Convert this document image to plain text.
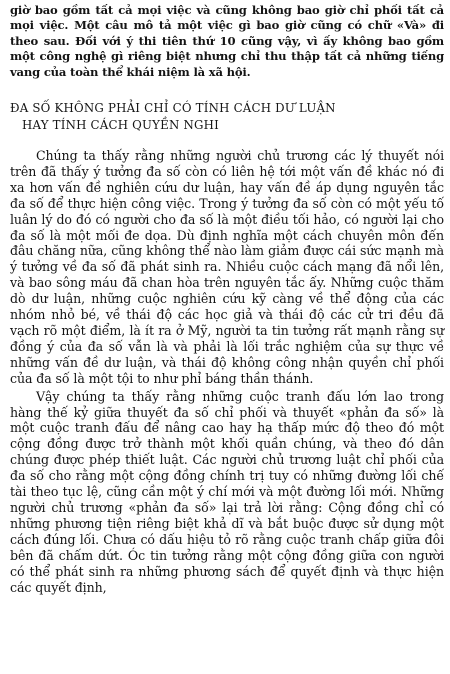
giờ bao gồm tất cả mọi việc và cũng không bao giờ chỉ phối tất cả mọi việc. Một câu mô tả một việc gì bao giờ cũng có chữ «Và» đi theo sau. Đối với ý thi tiên thứ 10 cũng vậy, vì ấy không bao gồm một công nghệ gì riêng biệt nhưng chỉ thu thập tất cả những tiếng vang của toàn thể khái niệm là xã hội.

ĐA SỐ KHÔNG PHẢI CHỈ CÓ TÍNH CÁCH DƯ LUẬN
HAY TÍNH CÁCH QUYỀN NGHI

Chúng ta thấy rằng những người chủ trương các lý thuyết nói trên đã thấy ý tưởng đa số còn có liên hệ tới một vấn đề khác nó đi xa hơn vấn đề nghiên cứu dư luận, hay vấn đề áp dụng nguyên tắc đa số để thực hiện công việc. Trong ý tưởng đa số còn có một yếu tố luân lý do đó có người cho đa số là một điều tối hảo, có người lại cho đa số là một mối đe dọa. Dù định nghĩa một cách chuyên môn đến đâu chăng nữa, cũng không thể nào làm giảm được cái sức mạnh mà ý tưởng về đa số đã phát sinh ra. Nhiều cuộc cách mạng đã nổi lên, và bao sông máu đã chan hòa trên nguyên tắc ấy. Những cuộc thăm dò dư luận, những cuộc nghiên cứu kỹ càng về thể động của các nhóm nhỏ bé, về thái độ các học giả và thái độ các cử tri đều đã vạch rõ một điểm, là ít ra ở Mỹ, người ta tin tưởng rất mạnh rằng sự đồng ý của đa số vẫn là và phải là lối trắc nghiệm của sự thực về những vấn đề dư luận, và thái độ không công nhận quyền chỉ phối của đa số là một tội to như phỉ báng thần thánh.

Vậy chúng ta thấy rằng những cuộc tranh đấu lớn lao trong hàng thế kỷ giữa thuyết đa số chỉ phối và thuyết «phản đa số» là một cuộc tranh đấu để nâng cao hay hạ thấp mức độ theo đó một cộng đồng được trở thành một khối quần chúng, và theo đó dân chúng được phép thiết luật. Các người chủ trương luật chỉ phối của đa số cho rằng một cộng đồng chính trị tuy có những đường lối chế tài theo tục lệ, cũng cần một ý chí mới và một đường lối mới. Những người chủ trương «phản đa số» lại trả lời rằng: Cộng đồng chỉ có những phương tiện riêng biệt khả dĩ và bắt buộc được sử dụng một cách đúng lối. Chưa có dấu hiệu tỏ rõ rằng cuộc tranh chấp giữa đôi bên đã chấm dứt. Óc tin tưởng rằng một cộng đồng giữa con người có thể phát sinh ra những phương sách để quyết định và thực hiện các quyết định,
